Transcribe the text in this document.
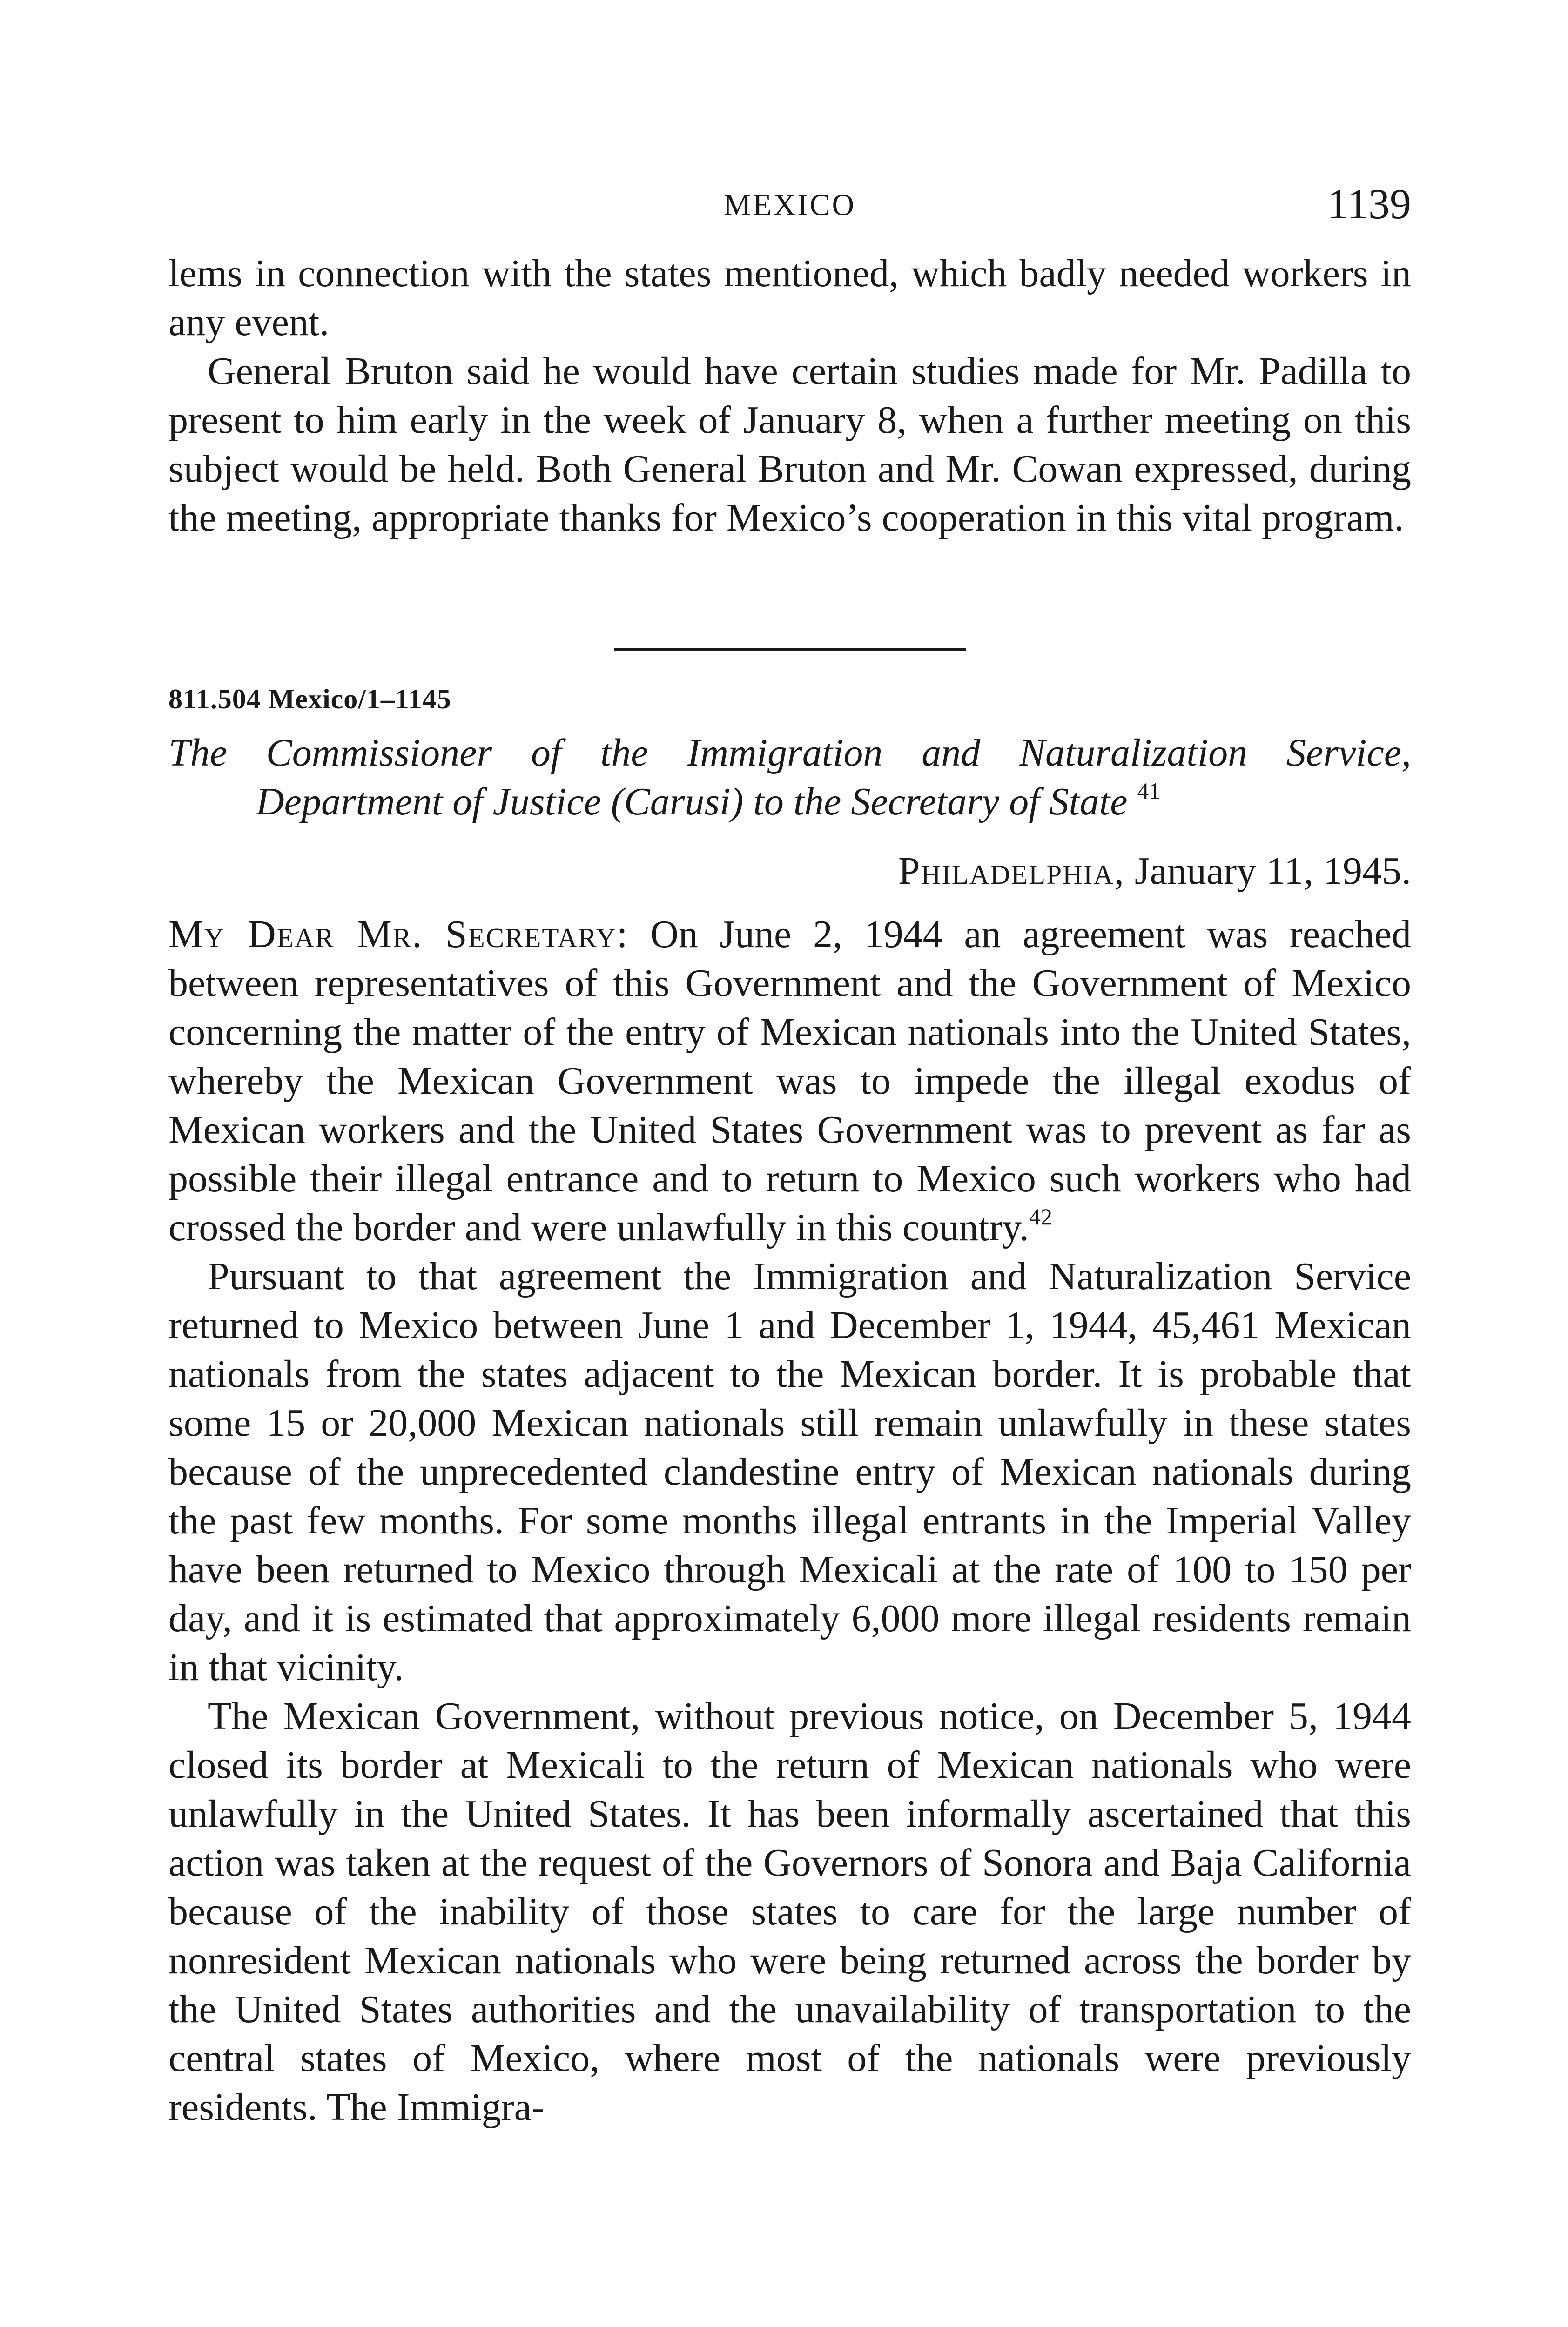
MEXICO	1139

lems in connection with the states mentioned, which badly needed workers in any event.

General Bruton said he would have certain studies made for Mr. Padilla to present to him early in the week of January 8, when a further meeting on this subject would be held. Both General Bruton and Mr. Cowan expressed, during the meeting, appropriate thanks for Mexico’s cooperation in this vital program.

811.504 Mexico/1–1145
The Commissioner of the Immigration and Naturalization Service,
Department of Justice (Carusi) to the Secretary of State $^{41}$
Philadelphia, January 11, 1945.

My Dear Mr. Secretary: On June 2, 1944 an agreement was reached between representatives of this Government and the Government of Mexico concerning the matter of the entry of Mexican nationals into the United States, whereby the Mexican Government was to impede the illegal exodus of Mexican workers and the United States Government was to prevent as far as possible their illegal entrance and to return to Mexico such workers who had crossed the border and were unlawfully in this country.$^{42}$

Pursuant to that agreement the Immigration and Naturalization Service returned to Mexico between June 1 and December 1, 1944, 45,461 Mexican nationals from the states adjacent to the Mexican border. It is probable that some 15 or 20,000 Mexican nationals still remain unlawfully in these states because of the unprecedented clandestine entry of Mexican nationals during the past few months. For some months illegal entrants in the Imperial Valley have been returned to Mexico through Mexicali at the rate of 100 to 150 per day, and it is estimated that approximately 6,000 more illegal residents remain in that vicinity.

The Mexican Government, without previous notice, on December 5, 1944 closed its border at Mexicali to the return of Mexican nationals who were unlawfully in the United States. It has been informally ascertained that this action was taken at the request of the Governors of Sonora and Baja California because of the inability of those states to care for the large number of nonresident Mexican nationals who were being returned across the border by the United States authorities and the unavailability of transportation to the central states of Mexico, where most of the nationals were previously residents. The Immigra-
